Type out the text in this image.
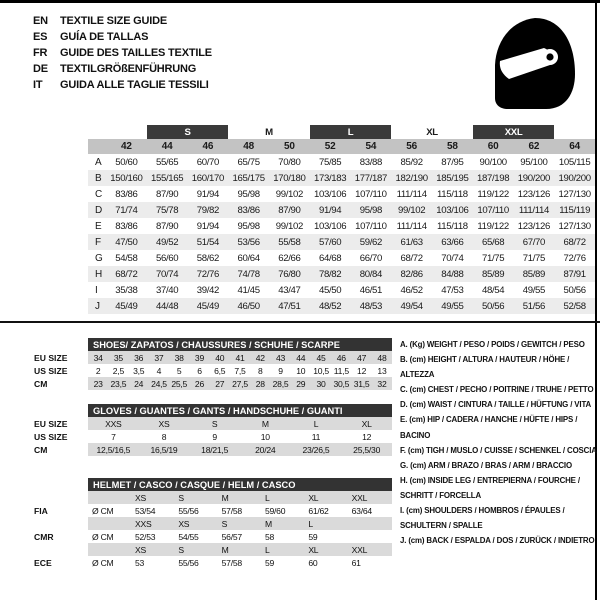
EN TEXTILE SIZE GUIDE
ES GUÍA DE TALLAS
FR GUIDE DES TAILLES TEXTILE
DE TEXTILGRÖßENFÜHRUNG
IT GUIDA ALLE TAGLIE TESSILI
		S		M		L		XL		XXL		
	42	44	46	48	50	52	54	56	58	60	62	64
A	50/60	55/65	60/70	65/75	70/80	75/85	83/88	85/92	87/95	90/100	95/100	105/115
B	150/160	155/165	160/170	165/175	170/180	173/183	177/187	182/190	185/195	187/198	190/200	190/200
C	83/86	87/90	91/94	95/98	99/102	103/106	107/110	111/114	115/118	119/122	123/126	127/130
D	71/74	75/78	79/82	83/86	87/90	91/94	95/98	99/102	103/106	107/110	111/114	115/119
E	83/86	87/90	91/94	95/98	99/102	103/106	107/110	111/114	115/118	119/122	123/126	127/130
F	47/50	49/52	51/54	53/56	55/58	57/60	59/62	61/63	63/66	65/68	67/70	68/72
G	54/58	56/60	58/62	60/64	62/66	64/68	66/70	68/72	70/74	71/75	71/75	72/76
H	68/72	70/74	72/76	74/78	76/80	78/82	80/84	82/86	84/88	85/89	85/89	87/91
I	35/38	37/40	39/42	41/45	43/47	45/50	46/51	46/52	47/53	48/54	49/55	50/56
J	45/49	44/48	45/49	46/50	47/51	48/52	48/53	49/54	49/55	50/56	51/56	52/58
	SHOES/ ZAPATOS / CHAUSSURES / SCHUHE / SCARPE														
EU SIZE	34	35	36	37	38	39	40	41	42	43	44	45	46	47	48
US SIZE	2	2,5	3,5	4	5	6	6,5	7,5	8	9	10	10,5	11,5	12	13
CM	23	23,5	24	24,5	25,5	26	27	27,5	28	28,5	29	30	30,5	31,5	32
	GLOVES / GUANTES / GANTS / HANDSCHUHE / GUANTI					
EU SIZE	XXS	XS	S	M	L	XL
US SIZE	7	8	9	10	11	12
CM	12,5/16,5	16,5/19	18/21,5	20/24	23/26,5	25,5/30
	HELMET / CASCO / CASQUE / HELM / CASCO						
		XS	S	M	L	XL	XXL
FIA	Ø CM	53/54	55/56	57/58	59/60	61/62	63/64
		XXS	XS	S	M	L	
CMR	Ø CM	52/53	54/55	56/57	58	59	
		XS	S	M	L	XL	XXL
ECE	Ø CM	53	55/56	57/58	59	60	61
A. (Kg) WEIGHT / PESO / POIDS / GEWITCH / PESO
B. (cm) HEIGHT / ALTURA / HAUTEUR / HÖHE / ALTEZZA
C. (cm) CHEST / PECHO / POITRINE / TRUHE / PETTO
D. (cm) WAIST / CINTURA / TAILLE / HÜFTUNG / VITA
E. (cm) HIP / CADERA / HANCHE / HÜFTE / HIPS / BACINO
F. (cm) TIGH / MUSLO / CUISSE / SCHENKEL / COSCIA
G. (cm) ARM / BRAZO / BRAS / ARM / BRACCIO
H. (cm) INSIDE LEG / ENTREPIERNA / FOURCHE / SCHRITT / FORCELLA
I. (cm) SHOULDERS / HOMBROS / ÉPAULES / SCHULTERN / SPALLE
J. (cm) BACK / ESPALDA / DOS / ZURÜCK / INDIETRO
